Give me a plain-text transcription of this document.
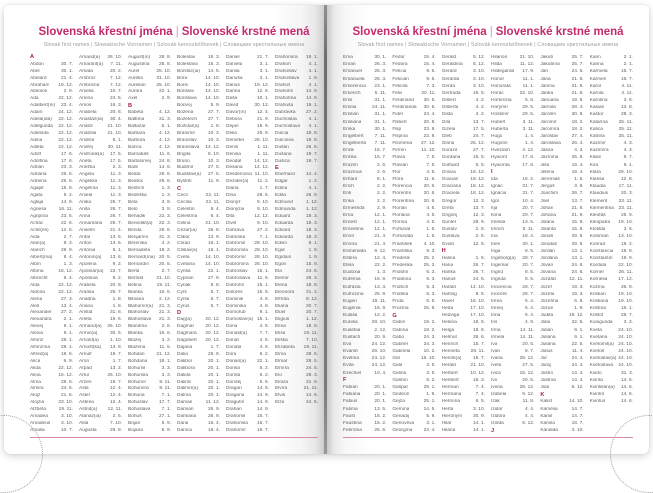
Slovenská křestní jména | Slovenské krstné mená
Slovak first names | Slowakische Vornamen | Szlovák keresztelőnevek | Словацкие крестильные имена
A
Abdon	30. 7.
Abel	30. 1.
Abelard	21. 4.
Abrahám 19. 12.
Absolón	2. 9.
Ada	22. 12.
Adalbert(ín) 23. 4.
Adam	24. 12.
Adela(ida) 22. 12.
Adelgunda 22. 12.
Adelinda 22. 12.
Adina	22. 12.
Adléta	22. 12.
Adolf	17. 6.
Adolfína	17. 6.
Adrián	23. 3.
Adriána	26. 6.
Adriena	26. 6.
Agapit	18. 8.
Agáta	5. 2.
Aglaja	14. 9.
Agnesa	16. 11.
Agripína	23. 6.
Achác	22. 6.
Achil(es)	12. 5.
Aida	2. 7.
Alan(a)	8. 3.
Alarich	29. 9.
Albert(ína) 8. 4.
Albín	1. 3.
Albína	16. 12.
Albrecht	8. 4.
Alda	22. 12.
Aldona	22. 12.
Alena	27. 3.
Aleš	13. 4.
Alexander 27. 2.
Alexandra	2. 1.
Alexej	9. 1.
Alexia	9. 1.
Alfonz	28. 1.
Alfonzína 28. 1.
Alfréd(a)	19. 6.
Alica	6. 9.
Alida	22. 12.
Alina	16. 12.
Alma	28. 5.
Almira	24. 5.
Alojz	21. 6.
Alojzia	23. 10.
Alžbeta	19. 11.
Amadea	3. 10.
Amadeus 3. 10.
Amália	10. 7.
Amand(a) 26. 10.
Amarant(a) 7. 11.
Amata	20. 2.
Ambróz	7. 12.
Ambrózia 7. 12.
Amélia	10. 7.
Amína	24. 5.
Amos	16. 3.
Anabela	20. 8.
Anastáz(ia) 30. 4.
Anatol	21. 10.
Anatólia 21. 10.
Andrea	5. 1.
Andrej	30. 11.
Andronik(a) 17. 5.
Aneta	17. 5.
Anežka	2. 3.
Angela	11. 3.
Angelika	11. 3.
Angelína	11. 3.
Aniela	11. 3.
Anika	26. 7.
Anita	26. 7.
Anna	26. 7.
Annamária 26. 7.
Anselm	21. 4.
Antal	13. 6.
Anton	13. 6.
Antónia	6. 1.
Antonín(a) 13. 6.
Apolena	9. 2.
Apolinár(ia) 23. 7.
Apolónia	9. 2.
Arabela	20. 8.
Aranka	26. 7.
Ariadna	1. 8.
Ariana	1. 8.
Aristid	31. 8.
Arleta	19. 6.
Armand(a) 26. 10.
Armin(a)	30. 5.
Arnold(a) 1. 10.
Arnošt(ka) 13. 9.
Arnulf	18. 7.
Áron	1. 7.
Arpád	13. 2.
Artúr	26. 10.
Arzen	19. 7.
Asta	12. 4.
Aster	12. 4.
Astéria	12. 4.
Astrid(a) 12. 11.
Atanáz(ia) 2. 5.
Atila	7. 10.
Augusta	28. 8.
August(ín) 28. 8.
Augustína 28. 8.
Aurel	25. 10.
Aurélia	31. 10.
Aurelián 25. 10.
Auróra	22. 1.
Axel	2. 9.
B
Babeta	4. 12.
Balbína	31. 3.
Baltazár	6. 1.
Barbara	4. 12.
Barbora	4. 12.
Barica	4. 12.
Barnabáš 11. 6.
Bartolomej 24. 8.
Bazil	14. 6.
Beáta	28. 6.
Beatrix	28. 6.
Bedrich	1. 3.
Bedriška	1. 3.
Bela	3. 9.
Belo	3. 9.
Beňadik	22. 3.
Benedikt(a) 22. 3.
Benita	28. 6.
Benjamín 31. 3.
Berenika	4. 2.
Bernadeta 18. 2.
Bernard(ína) 20. 5.
Bernardín 20. 5.
Berta	2. 7.
Bertold	21. 10.
Betina	19. 11.
Bianka	16. 6.
Bibiána	2. 12.
Blahomír(a) 21. 3.
Blahoslav 21. 3.
Blahoslava 21. 3.
Blandína	2. 6.
Blanka	16. 6.
Blažej	3. 2.
Blažena	11. 5.
Bohdan 21. 12.
Bohdana 18. 1.
Bohumil	3. 3.
Bohumila	3. 3.
Bohumír	8. 11.
Bohumíra 8. 11.
Bohuna	7. 1.
Bohuslav 17. 7.
Bohuslava 7. 1.
Bohuš	27. 1.
Bojan	5. 9.
Bojana	5. 9.
Boleslav	16. 3.
Boleslava 16. 3.
Bonifác(ia) 14. 5.
Bora	14. 10.
Boris	14. 10.
Borislav 14. 10.
Borislava 14. 10.
Borivoj	5. 9.
Božena	27. 7.
Božetech 27. 7.
Božidar(a) 1. 8.
Branimír	10. 3.
Branislav 10. 3.
Branislava 14. 12.
Brigita	8. 10.
Bruno	10. 3.
Budimír	27. 5.
Budislav(a) 27. 5.
Bystrík	11. 9.
C
Cecil	22. 11.
Cecília	22. 11.
Celestín	6. 4.
Celestína	6. 4.
Celina	21. 10.
Cézar(ia) 26. 8.
Ctibor	13. 9.
Ctirad	16. 1.
Ctislav(a) 16. 1.
Cveta	14. 10.
Cvetana 14. 10.
Cyntia	22. 1.
Cyprián	27. 9.
Cyriak	8. 8.
Cyril	5. 7.
Cyrila	5. 7.
Cyrus	5. 7.
D
Dag(a)	20. 12.
Dagmar 20. 12.
Dagmara 20. 12.
Dagobert 20. 12.
Dajana	1. 7.
Dália	25. 9.
Dalibor	20. 1.
Dalibora	20. 1.
Dalida	20. 1.
Dalimil	20. 1.
Dalimír(a) 20. 1.
Dalma	20. 1.
Damas	11. 12.
Damián	26. 9.
Damiána 26. 9.
Dana	16. 4.
Danica	16. 4.
Daniel	21. 7.
Daniela	3. 1.
Danila	3. 1.
Danuša	3. 1.
Dárius	19. 12.
Darina	12. 8.
Dáša	10. 1.
Dávid	30. 12.
Davor(ín) 12. 4.
Debora	21. 9.
Dejan	15. 9.
Délia	25. 9.
Demeter 26. 10.
Denis	1. 11.
Denisa	1. 11.
Deodat	14. 12.
Desana 14. 12.
Desdemona 11. 10.
Dezider(a) 11. 2.
Diana	1. 7.
Dina	28. 5.
Dionýz	9. 10.
Dionýzia	9. 10.
Dita	12. 12.
Diviš	9. 10.
Dobrava	27. 2.
Dobrinka	7. 1.
Dobromil 28. 10.
Dobromila 28. 10.
Dobromír 28. 10.
Dobromíra 28. 10.
Dobroslav 15. 1.
Dobroslava 11. 6.
Dobrotín	15. 1.
Dolores	15. 9.
Dominik	4. 8.
Dominika	4. 8.
Domoľub	9. 1.
Domoslav(a) 15. 1.
Dona	4. 8.
Donald(a)	7. 7.
Donát	4. 8.
Donáta	4. 8.
Dora	6. 2.
Dorián(a) 22. 1.
Dorisa	6. 2.
Dorota	6. 2.
Dorotej	5. 6.
Dragan	14. 9.
Dragana	14. 9.
Dragutín	14. 9.
Drahan	14. 9.
Drahomil 16. 7.
Drahomila 16. 7.
Drahomír 16. 7.
Drahomíra 19. 1.
Drahoň	4. 1.
Drahoslav	4. 1.
Drahoslava 1. 9.
Drahoš	4. 1.
Drahotín	14. 9.
Drahotína 14. 9.
Drahuša	19. 1.
Dúbravka 27. 2.
Duchoslav 4. 1.
Duchoslava 4. 1.
Dulcia	19. 8.
Dulcinea	19. 8.
Dušan	26. 5.
Dušana	19. 7.
Dušica	19. 7.
E
Eberhard 14. 4.
Edgar	1. 2.
Edina	4. 1.
Edita	26. 9.
Edmund	1. 12.
Edmunda 1. 12.
Eduard	18. 3.
Eduarda	18. 3.
Edvard	18. 3.
Edvarda	18. 3.
Edvin	8. 1.
Egid	1. 9.
Egídius	1. 9.
Egon	15. 9.
Ela	24. 5.
Elemír	28. 3.
Elena	18. 8.
Eleonóra 21. 2.
Elfrída	8. 12.
Eliána	20. 7.
Eliáš	20. 7.
Eligius	1. 12.
Elína	18. 8.
Elisa	19. 11.
Eliška	7. 10.
Elizabeta 19. 11.
Elma	28. 5.
Elmar	28. 5.
Elmíra	24. 5.
Elo	28. 3.
Eloiza	21. 9.
Elvíra	21. 11.
Elvis	14. 6.
Elza	24. 5.
Slovenská křestní jména | Slovenské krstné mená
Slovak first names | Slowakische Vornamen | Szlovák keresztelőnevek | Словацкие крестильные имена
Ema	30. 1.
Eman	26. 3.
Emanuel	26. 3.
Emanuela 26. 3.
Emerencia 23. 1.
Emerich	5. 11.
Emil	31. 1.
Emília	24. 11.
Emilián	31. 1.
Emiliána	31. 1.
Emka	30. 1.
Engelbert 7. 11.
Engelberta 7. 11.
Enrik	15. 7.
Enrika	15. 7.
Erazim	2. 6.
Erazmus	2. 6.
Erhard	8. 1.
Erich	2. 2.
Erik	2. 2.
Erika	2. 2.
Ermelinda	2. 9.
Erna	12. 1.
Ernest	12. 1.
Ernestína 12. 1.
Ervín	21. 4.
Ervína	21. 4.
Esmeralda 9. 12.
Estera	12. 4.
Etela	22. 2.
Eudoxia	1. 3.
Eufémia	16. 9.
Eufrázia	13. 3.
Eufrozína 25. 9.
Eugen	18. 11.
Eugénia	18. 9.
Eulália	12. 2.
Eunika	28. 10.
Eusébia	2. 12.
Eustach	20. 9.
Eva	24. 12.
Evarist	26. 10.
Evelína	24. 12.
Evita	24. 12.
Ezechiel	10. 4.
F
Fabián	20. 1.
Fabiána	20. 1.
Fabius	20. 1.
Fatima	13. 5.
Faust	15. 2.
Faustína	15. 2.
Febrónia	25. 6.
Fedor	15. 4.
Fedora	15. 4.
Felícia	9. 6.
Felicián	9. 6.
Felicita	7. 3.
Félix	20. 11.
Ferdinand 30. 5.
Ferdinanda 30. 5.
Fidel	24. 4.
Filibert	20. 8.
Filip	23. 8.
Filipína	23. 8.
Filoména 27. 12.
Firmín	11. 10.
Flavia	7. 5.
Flavián	7. 5.
Flór	4. 5.
Flóra	11. 6.
Florencia 20. 6.
Florentín	20. 6.
Florentína 20. 6.
Florián	4. 5.
Floriána	4. 5.
Flórina	4. 5.
Fortunát	1. 6.
Fortunáta	1. 6.
František 4. 10.
Františka	9. 3.
Frederik	25. 2.
Frederika 25. 2.
Fridolín	6. 3.
Fridolína	6. 3.
Fridrich	5. 3.
Fridrika	5. 3.
Frída	6. 5.
Fruzína	25. 9.
G
Gabín	19. 2.
Gabína	19. 2.
Gabo	24. 3.
Gabriel	24. 3.
Gabriela	10. 2.
Gál	16. 10.
Gala	3. 5.
Galina	3. 5.
Gaston	6. 2.
Gašpar	29. 1.
Gedeon	1. 9.
Gejza	25. 1.
Gemma	14. 5.
Genadij	5. 9.
Genovéva	3. 1.
Georgína 24. 4.
Gerald	5. 12.
Geraldína 5. 12.
Gerard	3. 10.
Gerarda	3. 10.
Gerda	3. 10.
Gertrúda	19. 5.
Gilbert	4. 2.
Gilberta	4. 2.
Gilda	4. 2.
Gita	13. 7.
Gizela	17. 5.
Gleb	24. 7.
Glória	25. 12.
Gorazd	27. 7.
Gordana	15. 5.
Gothard	5. 5.
Grácia	18. 12.
Gracián 18. 12.
Graciána 18. 12.
Graciela 18. 12.
Gregor	12. 3.
Gréta	13. 7.
Grigorij	12. 3.
Gunter	28. 9.
Gustáv	2. 8.
Gustáva	2. 8.
Gvido	12. 9.
H
Halina	1. 5.
Hana	26. 7.
Hanka	26. 7.
Hanuš	24. 6.
Harald	14. 10.
Hartvig	8. 8.
Havel	16. 10.
Heda	17. 10.
Hedviga 17. 10.
Helena	18. 8.
Helga	18. 8.
Helmut	26. 6.
Henrich	15. 7.
Henrieta 28. 11.
Henrik(a) 15. 7.
Herald	21. 10.
Herbert	10. 12.
Heribert	16. 3.
Herman	7. 4.
Hermana	7. 4.
Hermína	6. 5.
Herta	3. 10.
Hieronym 30. 9.
Hilár	14. 1.
Hilária	14. 1.
Hilarión	21. 10.
Hilda	11. 12.
Hildegarda 17. 9.
Honor	11. 1.
Honoráta 11. 1.
Horác	22. 10.
Hortenzia	5. 8.
Horymír	29. 5.
Hostimír	29. 5.
Hubert	3. 11.
Huberta	3. 11.
Hugo	1. 4.
Hugolín	1. 4.
Hvezdoň	4. 12.
Hyacint	17. 8.
Hyacinta	17. 8.
I
Ida	16. 2.
Ignác	31. 7.
Ignácia	31. 7.
Igor	10. 4.
Iľja	20. 7.
Ilona	20. 7.
Imelda	13. 5.
Imrich	5. 11.
Ina	18. 4.
Ines	30. 1.
Inga	8. 5.
Ingeborg(a) 28. 7.
Ingemar	20. 7.
Ingrid	8. 5.
Ingrida	8. 5.
Inocencia 28. 7.
Inocent	28. 7.
Irena	6. 4.
Irenej	6. 4.
Irina	6. 4.
Iris	4. 9.
Irma	14. 11.
Irmela	14. 11.
Iva	20. 5.
Ivan	8. 7.
Ivana	28. 12.
Iveta	27. 5.
Ivica	15. 12.
Ivo	20. 5.
Ivona	28. 12.
Izabela	9. 12.
Izák	11. 8.
Izidor	4. 4.
Izidora	4. 4.
Izolda	6. 12.
J
Jakub	25. 7.
Jakubína 25. 7.
Ján	24. 6.
Jana	21. 8.
Janína	21. 8.
Janka	21. 8.
Januária	19. 9.
Jarmila	28. 4.
Jarolím	30. 9.
Jaromír	18. 2.
Jaromíra	18. 2.
Jaroslav	27. 4.
Jaroslava 26. 4.
Jasna	4. 3.
Jazmína	25. 9.
Jela	19. 4.
Jelena	19. 4.
Jeremiáš	1. 5.
Jerguš	3. 8.
Joachim	26. 7.
Joel	13. 7.
Johan	21. 8.
Johana	21. 8.
Jolana	15. 9.
Jolanta	15. 9.
Jonáš	29. 9.
Jonatán	29. 9.
Jordán	13. 1.
Jordána	13. 1.
Jovan	24. 6.
Jovana	24. 6.
Jozafát	12. 11.
Jozef	19. 3.
Jozefa	19. 3.
Jozefína	6. 8.
Jozue	1. 9.
Judita	19. 12.
Júlia	22. 5.
Julián	9. 1.
Juliána	9. 1.
Juliana	22. 5.
Július	11. 4.
Jur	24. 4.
Juraj	24. 4.
Justín	14. 4.
Justína	14. 4.
Juta	5. 12.
K
Kalist	14. 10.
Kamélia	14. 7.
Kamil	14. 7.
Kamila	18. 7.
Kandida	3. 10.
Karin	2. 1.
Karina	2. 1.
Karmela	16. 7.
Karmen	16. 7.
Karol	4. 11.
Karola	4. 11.
Karolína	3. 6.
Kasián	13. 8.
Kastor	28. 3.
Katarína 25. 11.
Katica	25. 11.
Katrina	25. 11.
Kazimír	4. 3.
Kazimíra	4. 3.
Kilián	8. 7.
Kira	9. 1.
Klára	29. 10.
Klarisa	12. 8.
Klaudia	17. 11.
Klaudius	20. 3.
Klement 23. 11.
Klementína 23. 11.
Kleofáš	25. 9.
Kleopatra 19. 10.
Klotilda	3. 6.
Koloman 13. 10.
Konrád	19. 2.
Konštancia 19. 9.
Konštantín 19. 9.
Kordula	22. 10.
Kornel	26. 11.
Kornélia 17. 12.
Kozma	26. 9.
Kristián	19. 10.
Kristiána 19. 10.
Kristína	16. 1.
Krištof	28. 7.
Kunigunda 3. 3.
Kveta	24. 10.
Kvetana 24. 10.
Kvetomil(a) 24. 10.
Kvetoš	24. 10.
Kvetoslav(a) 24. 10.
Kvetoslava 24. 10.
Kvido	31. 3.
Kvinta	14. 6.
Kvintilián(a) 14. 6.
Kvintín	14. 6.
Kvintus	14. 6.
